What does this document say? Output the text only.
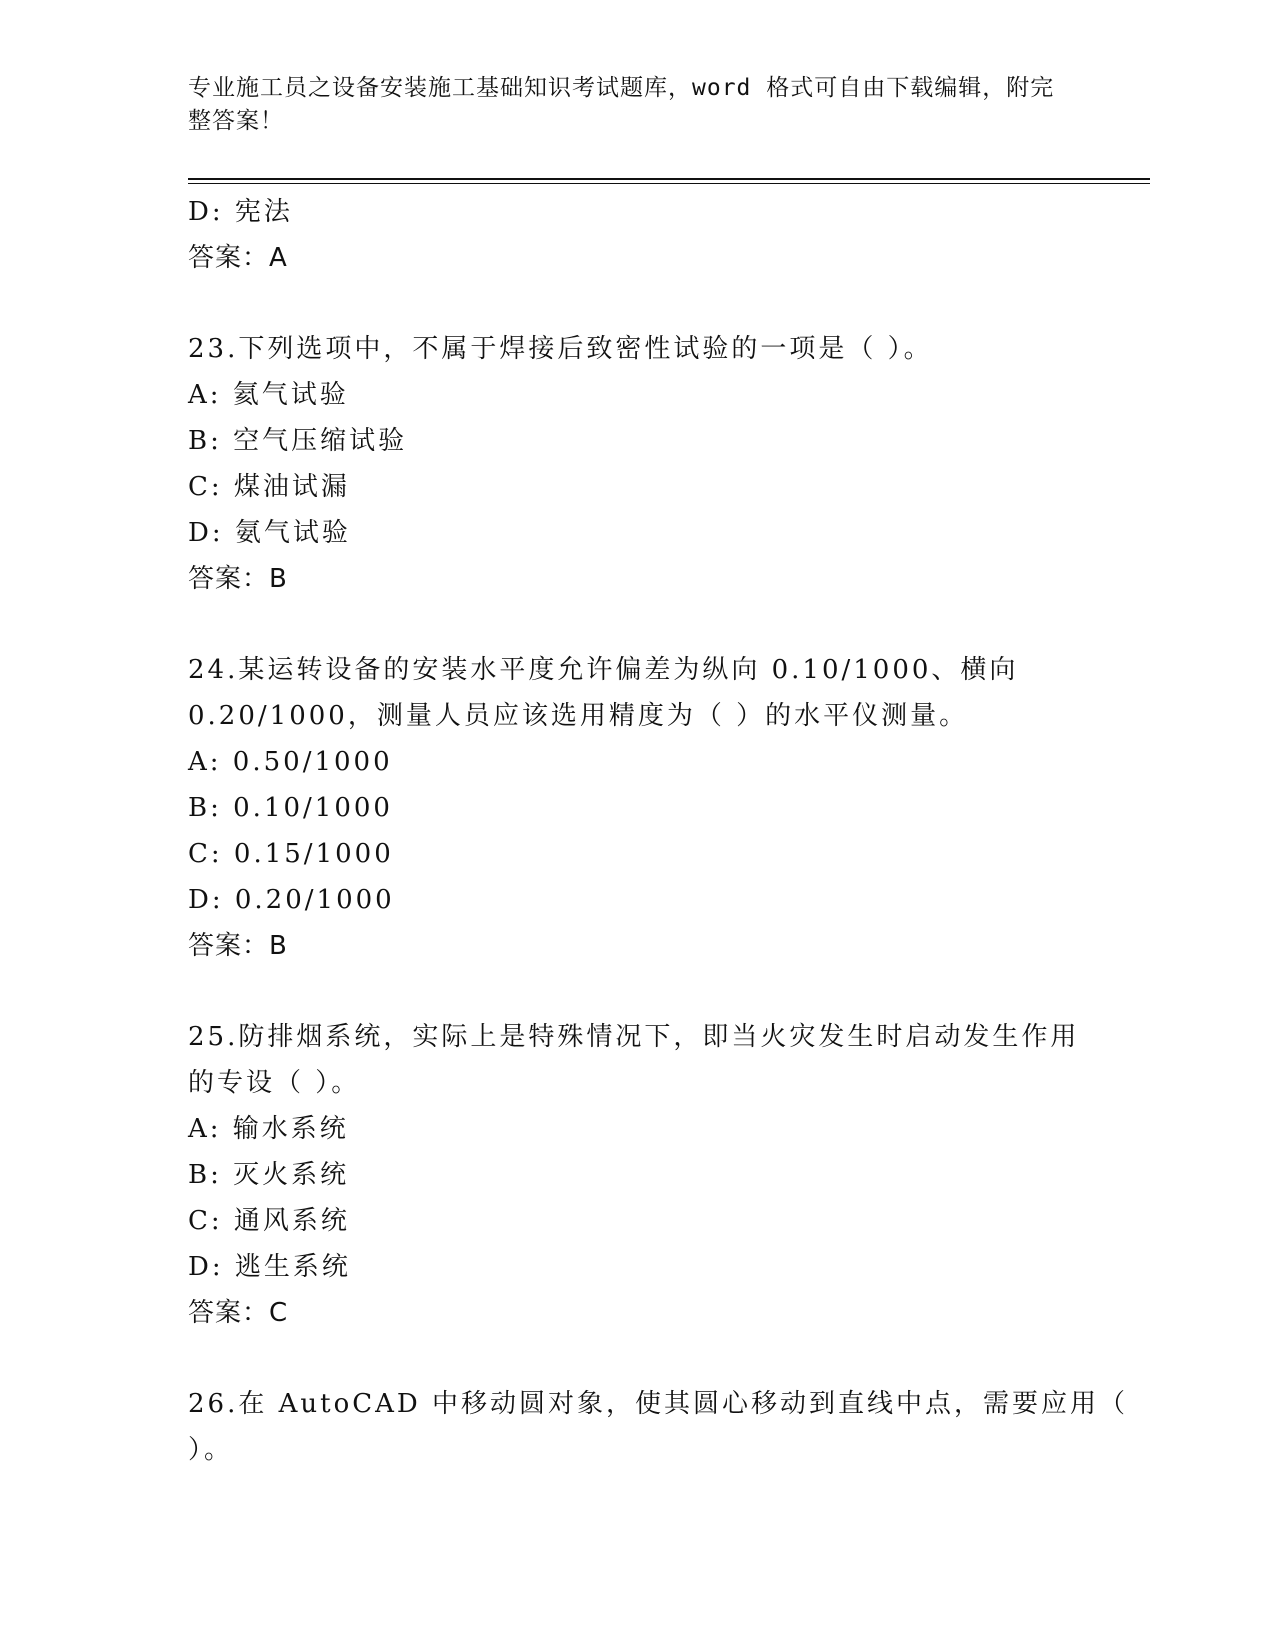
专业施工员之设备安装施工基础知识考试题库，word 格式可自由下载编辑，附完
整答案！
D: 宪法
答案：A
23.下列选项中，不属于焊接后致密性试验的一项是（ ）。
A: 氦气试验
B: 空气压缩试验
C: 煤油试漏
D: 氨气试验
答案：B
24.某运转设备的安装水平度允许偏差为纵向 0.10/1000、横向
0.20/1000，测量人员应该选用精度为（ ）的水平仪测量。
A: 0.50/1000
B: 0.10/1000
C: 0.15/1000
D: 0.20/1000
答案：B
25.防排烟系统，实际上是特殊情况下，即当火灾发生时启动发生作用
的专设（ ）。
A: 输水系统
B: 灭火系统
C: 通风系统
D: 逃生系统
答案：C
26.在 AutoCAD 中移动圆对象，使其圆心移动到直线中点，需要应用（
）。
